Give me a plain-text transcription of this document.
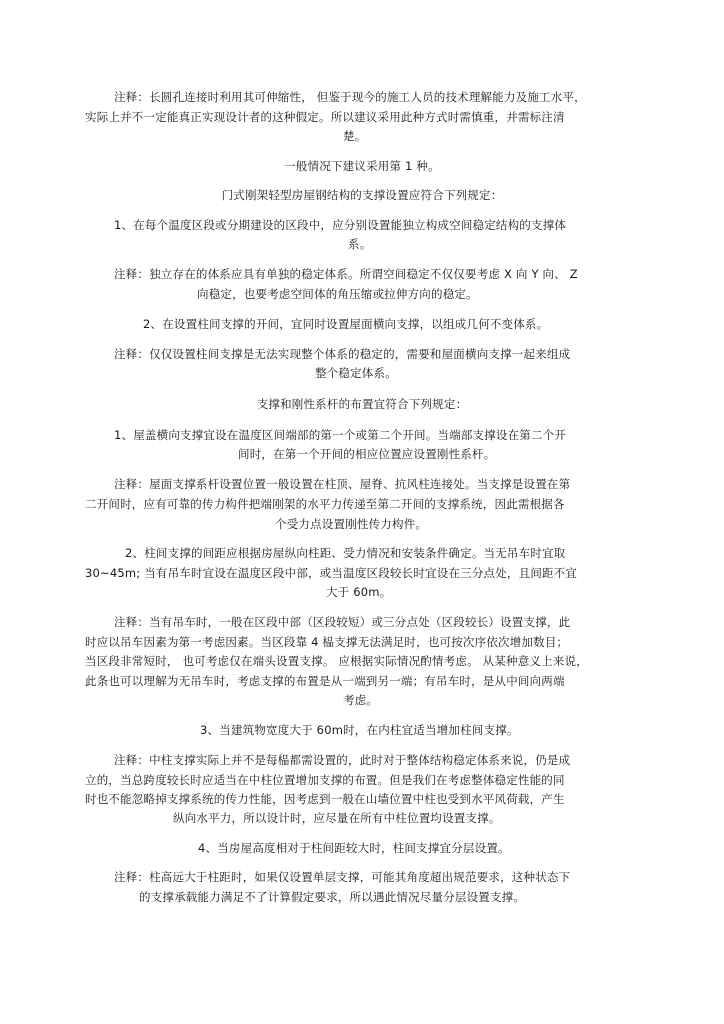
注释：长圆孔连接时利用其可伸缩性， 但鉴于现今的施工人员的技术理解能力及施工水平，
实际上并不一定能真正实现设计者的这种假定。所以建议采用此种方式时需慎重，并需标注清
楚。
一般情况下建议采用第 1 种。
门式刚架轻型房屋钢结构的支撑设置应符合下列规定：
1、在每个温度区段或分期建设的区段中，应分别设置能独立构成空间稳定结构的支撑体
系。
注释：独立存在的体系应具有单独的稳定体系。所谓空间稳定不仅仅要考虑 X 向 Y 向、 Z
向稳定，也要考虑空间体的角压缩或拉伸方向的稳定。
2、在设置柱间支撑的开间，宜同时设置屋面横向支撑，以组成几何不变体系。
注释：仅仅设置柱间支撑是无法实现整个体系的稳定的，需要和屋面横向支撑一起来组成
整个稳定体系。
支撑和刚性系杆的布置宜符合下列规定：
1、屋盖横向支撑宜设在温度区间端部的第一个或第二个开间。当端部支撑设在第二个开
间时，在第一个开间的相应位置应设置刚性系杆。
注释：屋面支撑系杆设置位置一般设置在柱顶、屋脊、抗风柱连接处。当支撑是设置在第
二开间时，应有可靠的传力构件把端刚架的水平力传递至第二开间的支撑系统，因此需根据各
个受力点设置刚性传力构件。
2、柱间支撑的间距应根据房屋纵向柱距、受力情况和安装条件确定。当无吊车时宜取
30~45m; 当有吊车时宜设在温度区段中部，或当温度区段较长时宜设在三分点处，且间距不宜
大于 60m。
注释：当有吊车时，一般在区段中部（区段较短）或三分点处（区段较长）设置支撑，此
时应以吊车因素为第一考虑因素。当区段靠 4 榀支撑无法满足时，也可按次序依次增加数目；
当区段非常短时， 也可考虑仅在端头设置支撑。 应根据实际情况酌情考虑。 从某种意义上来说，
此条也可以理解为无吊车时，考虑支撑的布置是从一端到另一端；有吊车时，是从中间向两端
考虑。
3、当建筑物宽度大于 60m时，在内柱宜适当增加柱间支撑。
注释：中柱支撑实际上并不是每榀都需设置的，此时对于整体结构稳定体系来说，仍是成
立的，当总跨度较长时应适当在中柱位置增加支撑的布置。但是我们在考虑整体稳定性能的同
时也不能忽略掉支撑系统的传力性能，因考虑到一般在山墙位置中柱也受到水平风荷载，产生
纵向水平力，所以设计时，应尽量在所有中柱位置均设置支撑。
4、当房屋高度相对于柱间距较大时，柱间支撑宜分层设置。
注释：柱高远大于柱距时，如果仅设置单层支撑，可能其角度超出规范要求，这种状态下
的支撑承载能力满足不了计算假定要求，所以遇此情况尽量分层设置支撑。
